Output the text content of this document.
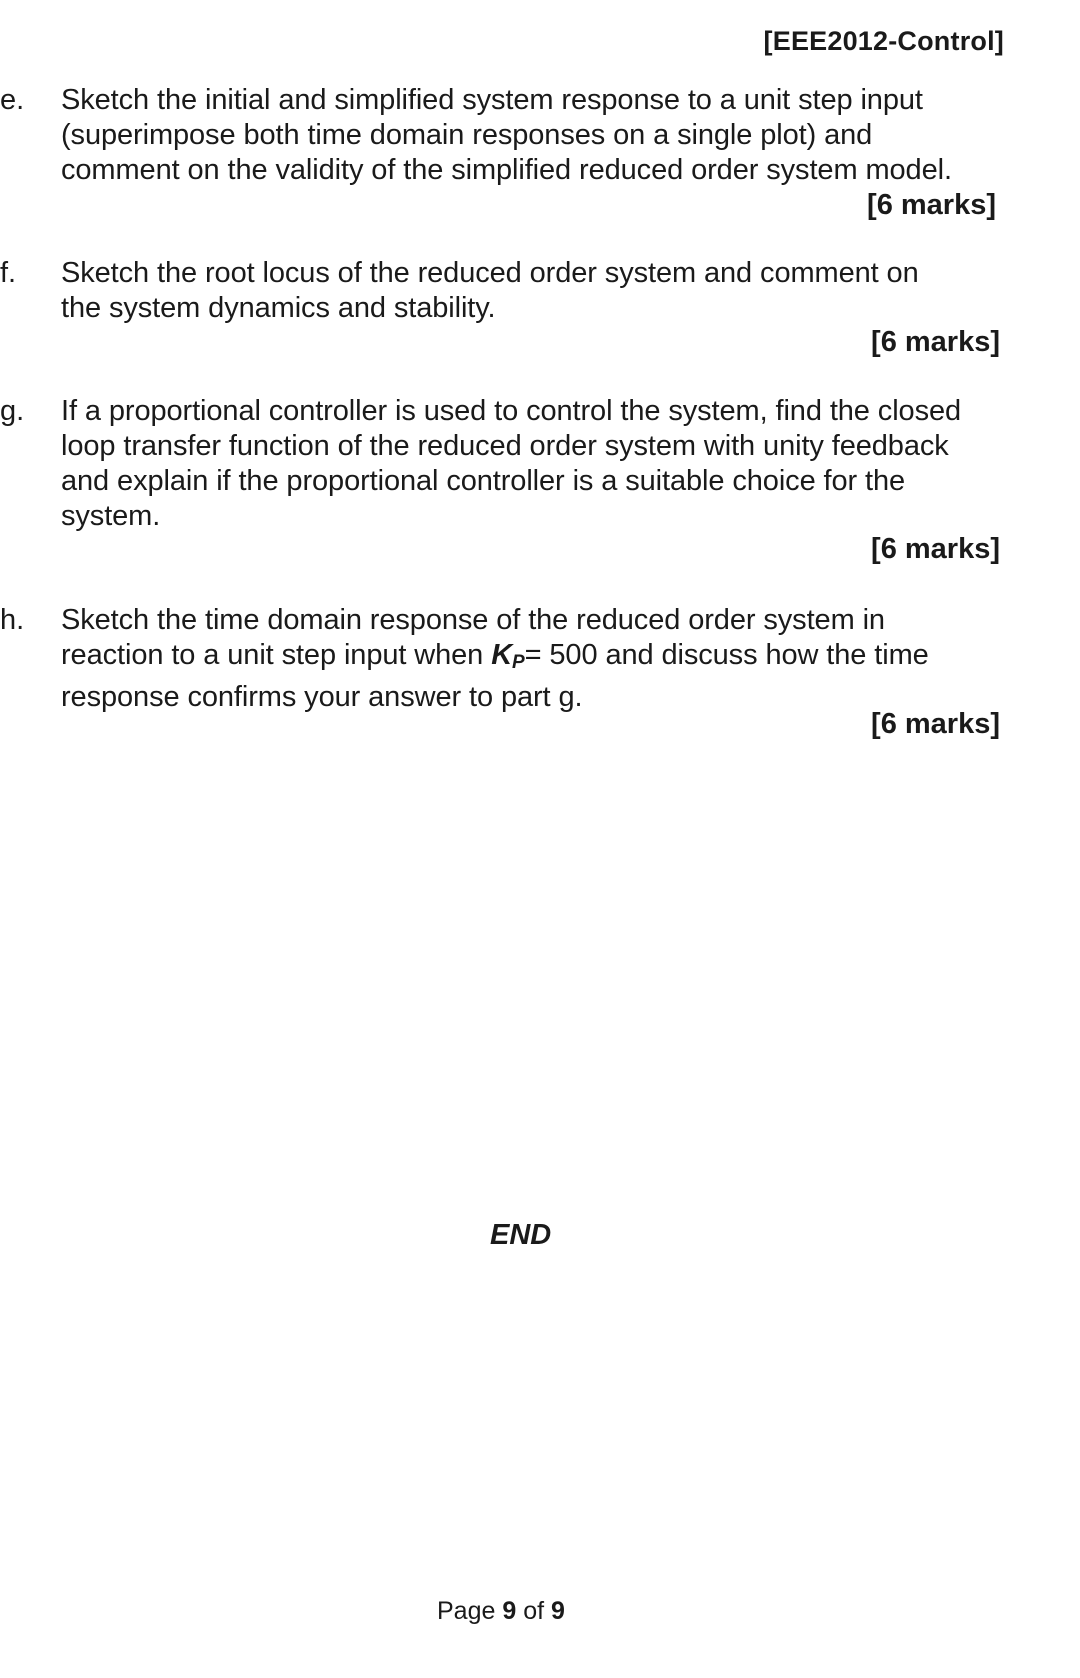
[EEE2012-Control]
e. Sketch the initial and simplified system response to a unit step input
(superimpose both time domain responses on a single plot) and
comment on the validity of the simplified reduced order system model.
[6 marks]
f. Sketch the root locus of the reduced order system and comment on
the system dynamics and stability.
[6 marks]
g. If a proportional controller is used to control the system, find the closed
loop transfer function of the reduced order system with unity feedback
and explain if the proportional controller is a suitable choice for the
system.
[6 marks]
h. Sketch the time domain response of the reduced order system in
reaction to a unit step input when $K_P= 500$ and discuss how the time
response confirms your answer to part g.
[6 marks]
END
Page 9 of 9
